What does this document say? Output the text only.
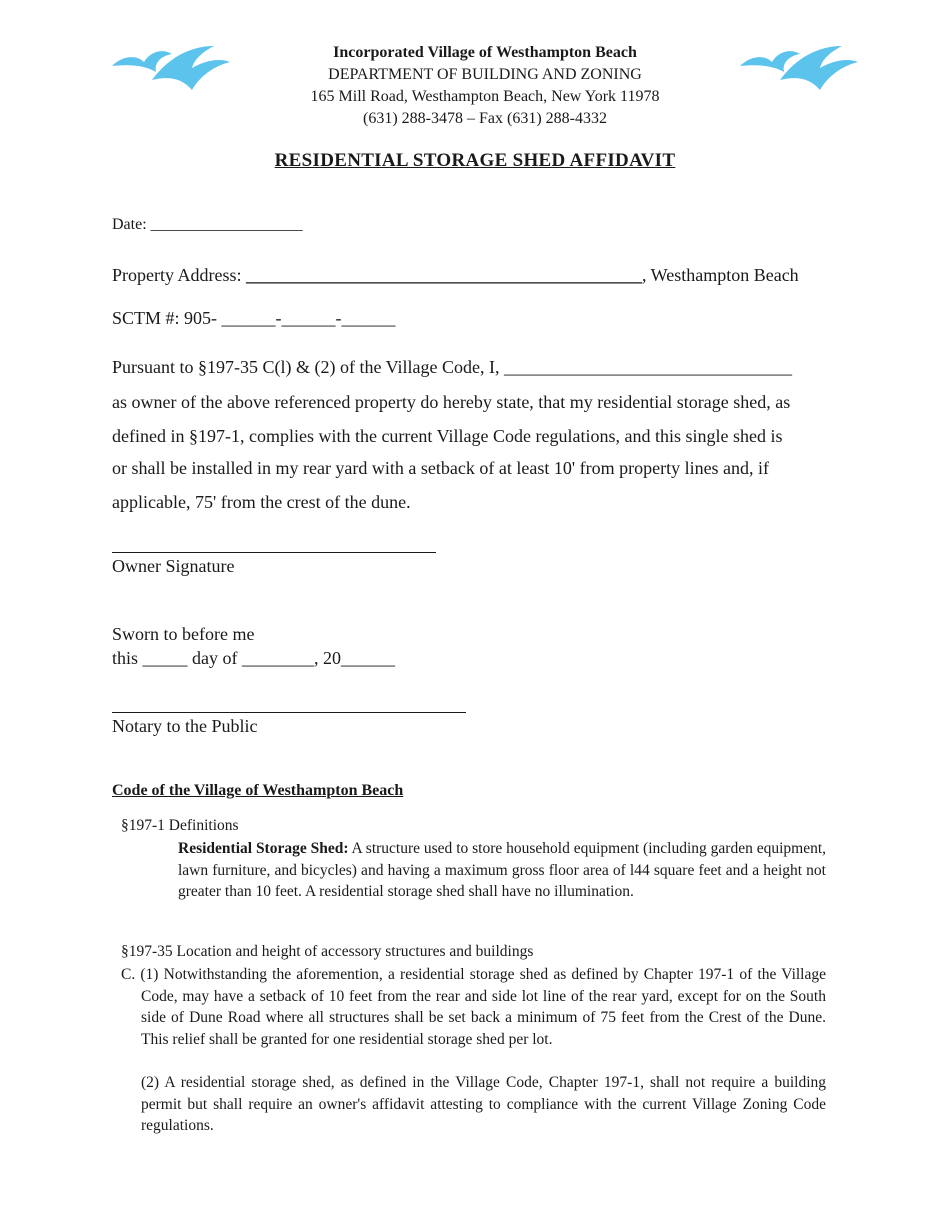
Incorporated Village of Westhampton Beach
DEPARTMENT OF BUILDING AND ZONING
165 Mill Road, Westhampton Beach, New York 11978
(631) 288-3478 – Fax (631) 288-4332
RESIDENTIAL STORAGE SHED AFFIDAVIT
Date: ___________________
Property Address: ____________________________________________, Westhampton Beach
SCTM #: 905- ______-______-______
Pursuant to §197-35 C(l) & (2) of the Village Code, I, ________________________________
as owner of the above referenced property do hereby state, that my residential storage shed, as
defined in §197-1, complies with the current Village Code regulations, and this single shed is
or shall be installed in my rear yard with a setback of at least 10' from property lines and, if
applicable, 75' from the crest of the dune.
Owner Signature
Sworn to before me
this _____ day of ________, 20______
Notary to the Public
Code of the Village of Westhampton Beach
§197-1 Definitions
Residential Storage Shed: A structure used to store household equipment (including garden equipment, lawn furniture, and bicycles) and having a maximum gross floor area of l44 square feet and a height not greater than 10 feet. A residential storage shed shall have no illumination.
§197-35 Location and height of accessory structures and buildings
C. (1) Notwithstanding the aforemention, a residential storage shed as defined by Chapter 197-1 of the Village Code, may have a setback of 10 feet from the rear and side lot line of the rear yard, except for on the South side of Dune Road where all structures shall be set back a minimum of 75 feet from the Crest of the Dune. This relief shall be granted for one residential storage shed per lot.
(2) A residential storage shed, as defined in the Village Code, Chapter 197-1, shall not require a building permit but shall require an owner's affidavit attesting to compliance with the current Village Zoning Code regulations.
